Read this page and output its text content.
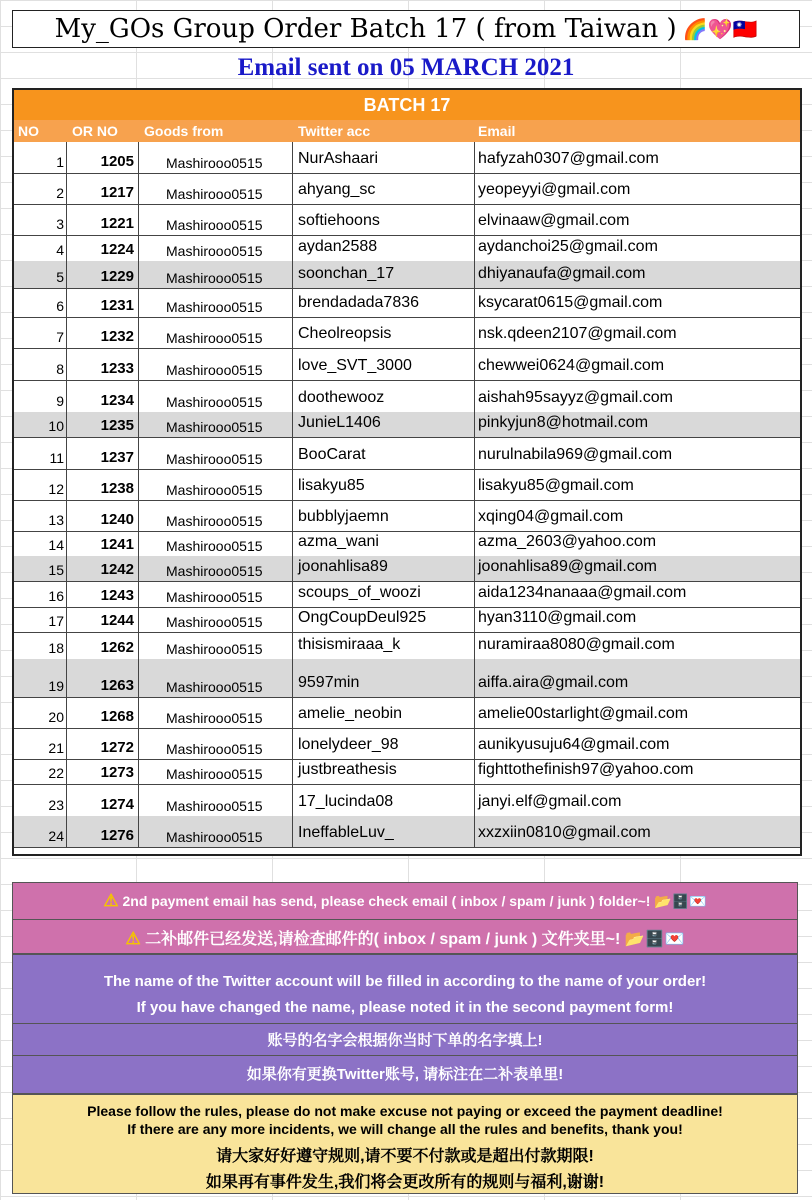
My_GOs Group Order Batch 17 ( from Taiwan ) 🌈💖🇹🇼
Email sent on 05 MARCH 2021
BATCH 17
NO OR NO Goods from	Twitter acc	Email
1	1205 Mashirooo0515 NurAshaari	hafyzah0307@gmail.com
2	1217 Mashirooo0515 ahyang_sc	yeopeyyi@gmail.com
3	1221 Mashirooo0515 softiehoons	elvinaaw@gmail.com
4	1224 Mashirooo0515 aydan2588	aydanchoi25@gmail.com
5	1229 Mashirooo0515 soonchan_17	dhiyanaufa@gmail.com
6	1231 Mashirooo0515 brendadada7836	ksycarat0615@gmail.com
7	1232 Mashirooo0515 Cheolreopsis	nsk.qdeen2107@gmail.com
8	1233 Mashirooo0515 love_SVT_3000	chewwei0624@gmail.com
9	1234 Mashirooo0515 doothewooz	aishah95sayyz@gmail.com
10	1235 Mashirooo0515 JunieL1406	pinkyjun8@hotmail.com
11	1237 Mashirooo0515 BooCarat	nurulnabila969@gmail.com
12	1238 Mashirooo0515 lisakyu85	lisakyu85@gmail.com
13	1240 Mashirooo0515 bubblyjaemn	xqing04@gmail.com
14	1241 Mashirooo0515 azma_wani	azma_2603@yahoo.com
15	1242 Mashirooo0515 joonahlisa89	joonahlisa89@gmail.com
16	1243 Mashirooo0515 scoups_of_woozi	aida1234nanaaa@gmail.com
17	1244 Mashirooo0515 OngCoupDeul925	hyan3110@gmail.com
18	1262 Mashirooo0515 thisismiraaa_k	nuramiraa8080@gmail.com
19	1263 Mashirooo0515 9597min	aiffa.aira@gmail.com
20	1268 Mashirooo0515 amelie_neobin	amelie00starlight@gmail.com
21	1272 Mashirooo0515 lonelydeer_98	aunikyusuju64@gmail.com
22	1273 Mashirooo0515 justbreathesis	fighttothefinish97@yahoo.com
23	1274 Mashirooo0515 17_lucinda08	janyi.elf@gmail.com
24	1276 Mashirooo0515 IneffableLuv_	xxzxiin0810@gmail.com
⚠ 2nd payment email has send, please check email ( inbox / spam / junk ) folder~! 📂🗄️💌
⚠ 二补邮件已经发送,请检查邮件的( inbox / spam / junk ) 文件夹里~! 📂🗄️💌
The name of the Twitter account will be filled in according to the name of your order!
If you have changed the name, please noted it in the second payment form!
账号的名字会根据你当时下单的名字填上!
如果你有更换Twitter账号, 请标注在二补表单里!
Please follow the rules, please do not make excuse not paying or exceed the payment deadline!
If there are any more incidents, we will change all the rules and benefits, thank you!
请大家好好遵守规则,请不要不付款或是超出付款期限!
如果再有事件发生,我们将会更改所有的规则与福利,谢谢!
